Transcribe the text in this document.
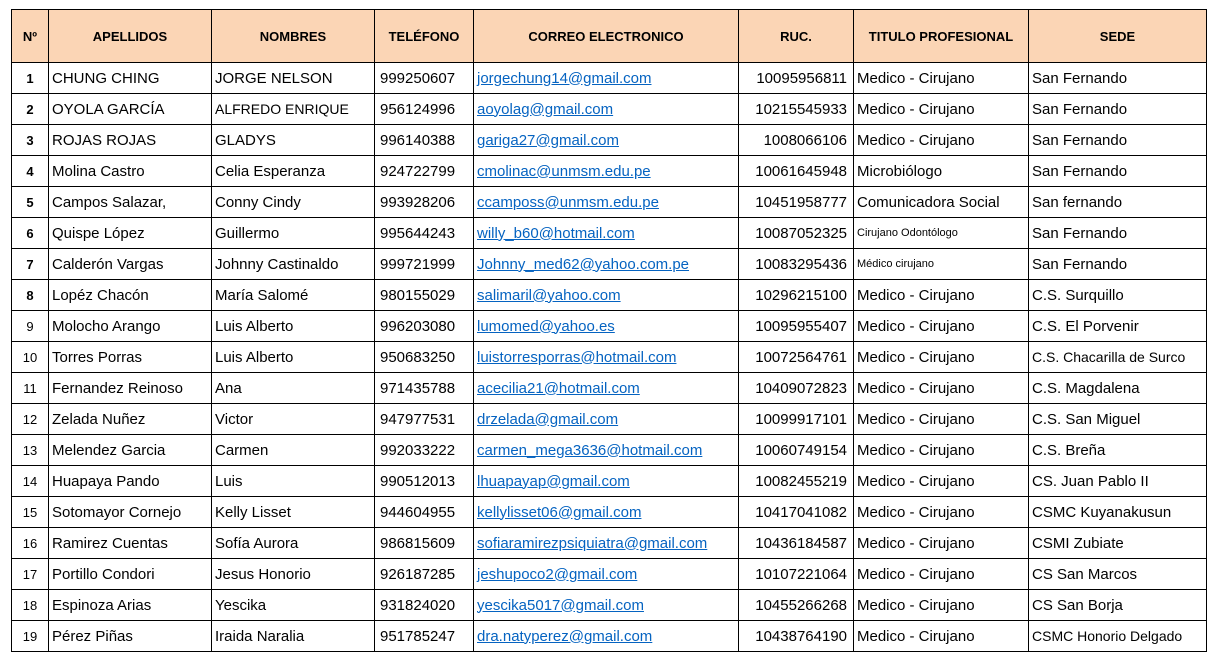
Nº	APELLIDOS	NOMBRES	TELÉFONO	CORREO ELECTRONICO	RUC.	TITULO PROFESIONAL	SEDE
1	CHUNG CHING	JORGE NELSON	999250607	jorgechung14@gmail.com	10095956811	Medico - Cirujano	San Fernando
2	OYOLA GARCÍA	ALFREDO ENRIQUE	956124996	aoyolag@gmail.com	10215545933	Medico - Cirujano	San Fernando
3	ROJAS ROJAS	GLADYS	996140388	gariga27@gmail.com	1008066106	Medico - Cirujano	San Fernando
4	Molina Castro	Celia Esperanza	924722799	cmolinac@unmsm.edu.pe	10061645948	Microbiólogo	San Fernando
5	Campos Salazar,	Conny Cindy	993928206	ccamposs@unmsm.edu.pe	10451958777	Comunicadora Social	San fernando
6	Quispe López	Guillermo	995644243	willy_b60@hotmail.com	10087052325	Cirujano Odontólogo	San Fernando
7	Calderón Vargas	Johnny Castinaldo	999721999	Johnny_med62@yahoo.com.pe	10083295436	Médico cirujano	San Fernando
8	Lopéz Chacón	María Salomé	980155029	salimaril@yahoo.com	10296215100	Medico - Cirujano	C.S. Surquillo
9	Molocho Arango	Luis Alberto	996203080	lumomed@yahoo.es	10095955407	Medico - Cirujano	C.S. El Porvenir
10	Torres Porras	Luis Alberto	950683250	luistorresporras@hotmail.com	10072564761	Medico - Cirujano	C.S. Chacarilla de Surco
11	Fernandez Reinoso	Ana	971435788	acecilia21@hotmail.com	10409072823	Medico - Cirujano	C.S. Magdalena
12	Zelada Nuñez	Victor	947977531	drzelada@gmail.com	10099917101	Medico - Cirujano	C.S. San Miguel
13	Melendez Garcia	Carmen	992033222	carmen_mega3636@hotmail.com	10060749154	Medico - Cirujano	C.S. Breña
14	Huapaya Pando	Luis	990512013	lhuapayap@gmail.com	10082455219	Medico - Cirujano	CS. Juan Pablo II
15	Sotomayor Cornejo	Kelly Lisset	944604955	kellylisset06@gmail.com	10417041082	Medico - Cirujano	CSMC Kuyanakusun
16	Ramirez Cuentas	Sofía Aurora	986815609	sofiaramirezpsiquiatra@gmail.com	10436184587	Medico - Cirujano	CSMI Zubiate
17	Portillo Condori	Jesus Honorio	926187285	jeshupoco2@gmail.com	10107221064	Medico - Cirujano	CS San Marcos
18	Espinoza Arias	Yescika	931824020	yescika5017@gmail.com	10455266268	Medico - Cirujano	CS San Borja
19	Pérez Piñas	Iraida Naralia	951785247	dra.natyperez@gmail.com	10438764190	Medico - Cirujano	CSMC Honorio Delgado
